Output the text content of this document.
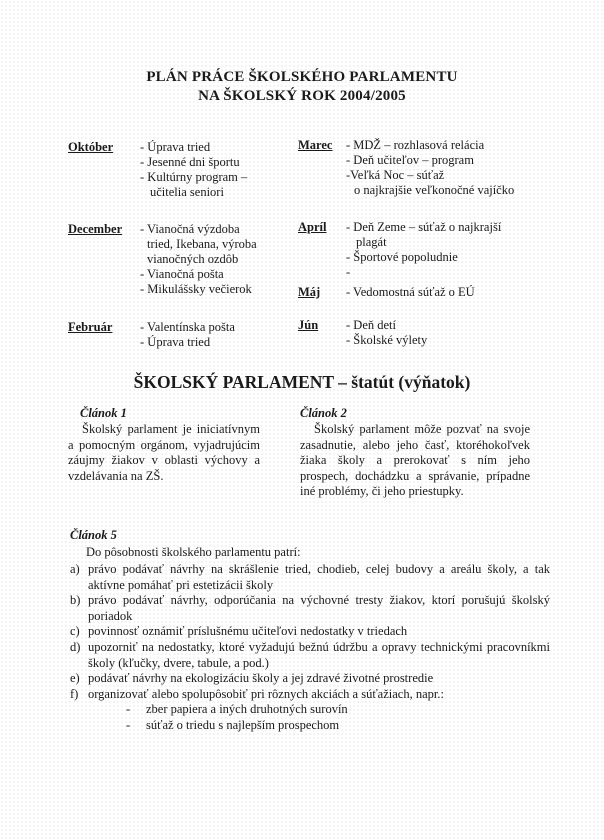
PLÁN PRÁCE ŠKOLSKÉHO PARLAMENTU
NA ŠKOLSKÝ ROK 2004/2005
Október - Úprava tried
- Jesenné dni športu
- Kultúrny program –
učitelia seniori
Marec - MDŽ – rozhlasová relácia
- Deň učiteľov – program
-Veľká Noc – súťaž
o najkrajšie veľkonočné vajíčko
December - Vianočná výzdoba
tried, Ikebana, výroba
vianočných ozdôb
- Vianočná pošta
- Mikulášsky večierok
Apríl - Deň Zeme – súťaž o najkrajší
plagát
- Športové popoludnie
-
Máj - Vedomostná súťaž o EÚ
Február - Valentínska pošta
- Úprava tried
Jún - Deň detí
- Školské výlety
ŠKOLSKÝ PARLAMENT – štatút (výňatok)
Článok 1
Školský parlament je iniciatívnym a pomocným orgánom, vyjadrujúcim záujmy žiakov v oblasti výchovy a vzdelávania na ZŠ.
Článok 2
Školský parlament môže pozvať na svoje zasadnutie, alebo jeho časť, ktoréhokoľvek žiaka školy a prerokovať s ním jeho prospech, dochádzku a správanie, prípadne iné problémy, či jeho priestupky.
Článok 5
Do pôsobnosti školského parlamentu patrí:
a) právo podávať návrhy na skrášlenie tried, chodieb, celej budovy a areálu školy, a tak aktívne pomáhať pri estetizácii školy
b) právo podávať návrhy, odporúčania na výchovné tresty žiakov, ktorí porušujú školský poriadok
c) povinnosť oznámiť príslušnému učiteľovi nedostatky v triedach
d) upozorniť na nedostatky, ktoré vyžadujú bežnú údržbu a opravy technickými pracovníkmi školy (kľučky, dvere, tabule, a pod.)
e) podávať návrhy na ekologizáciu školy a jej zdravé životné prostredie
f) organizovať alebo spolupôsobiť pri rôznych akciách a súťažiach, napr.:
-	zber papiera a iných druhotných surovín
-	súťaž o triedu s najlepším prospechom
